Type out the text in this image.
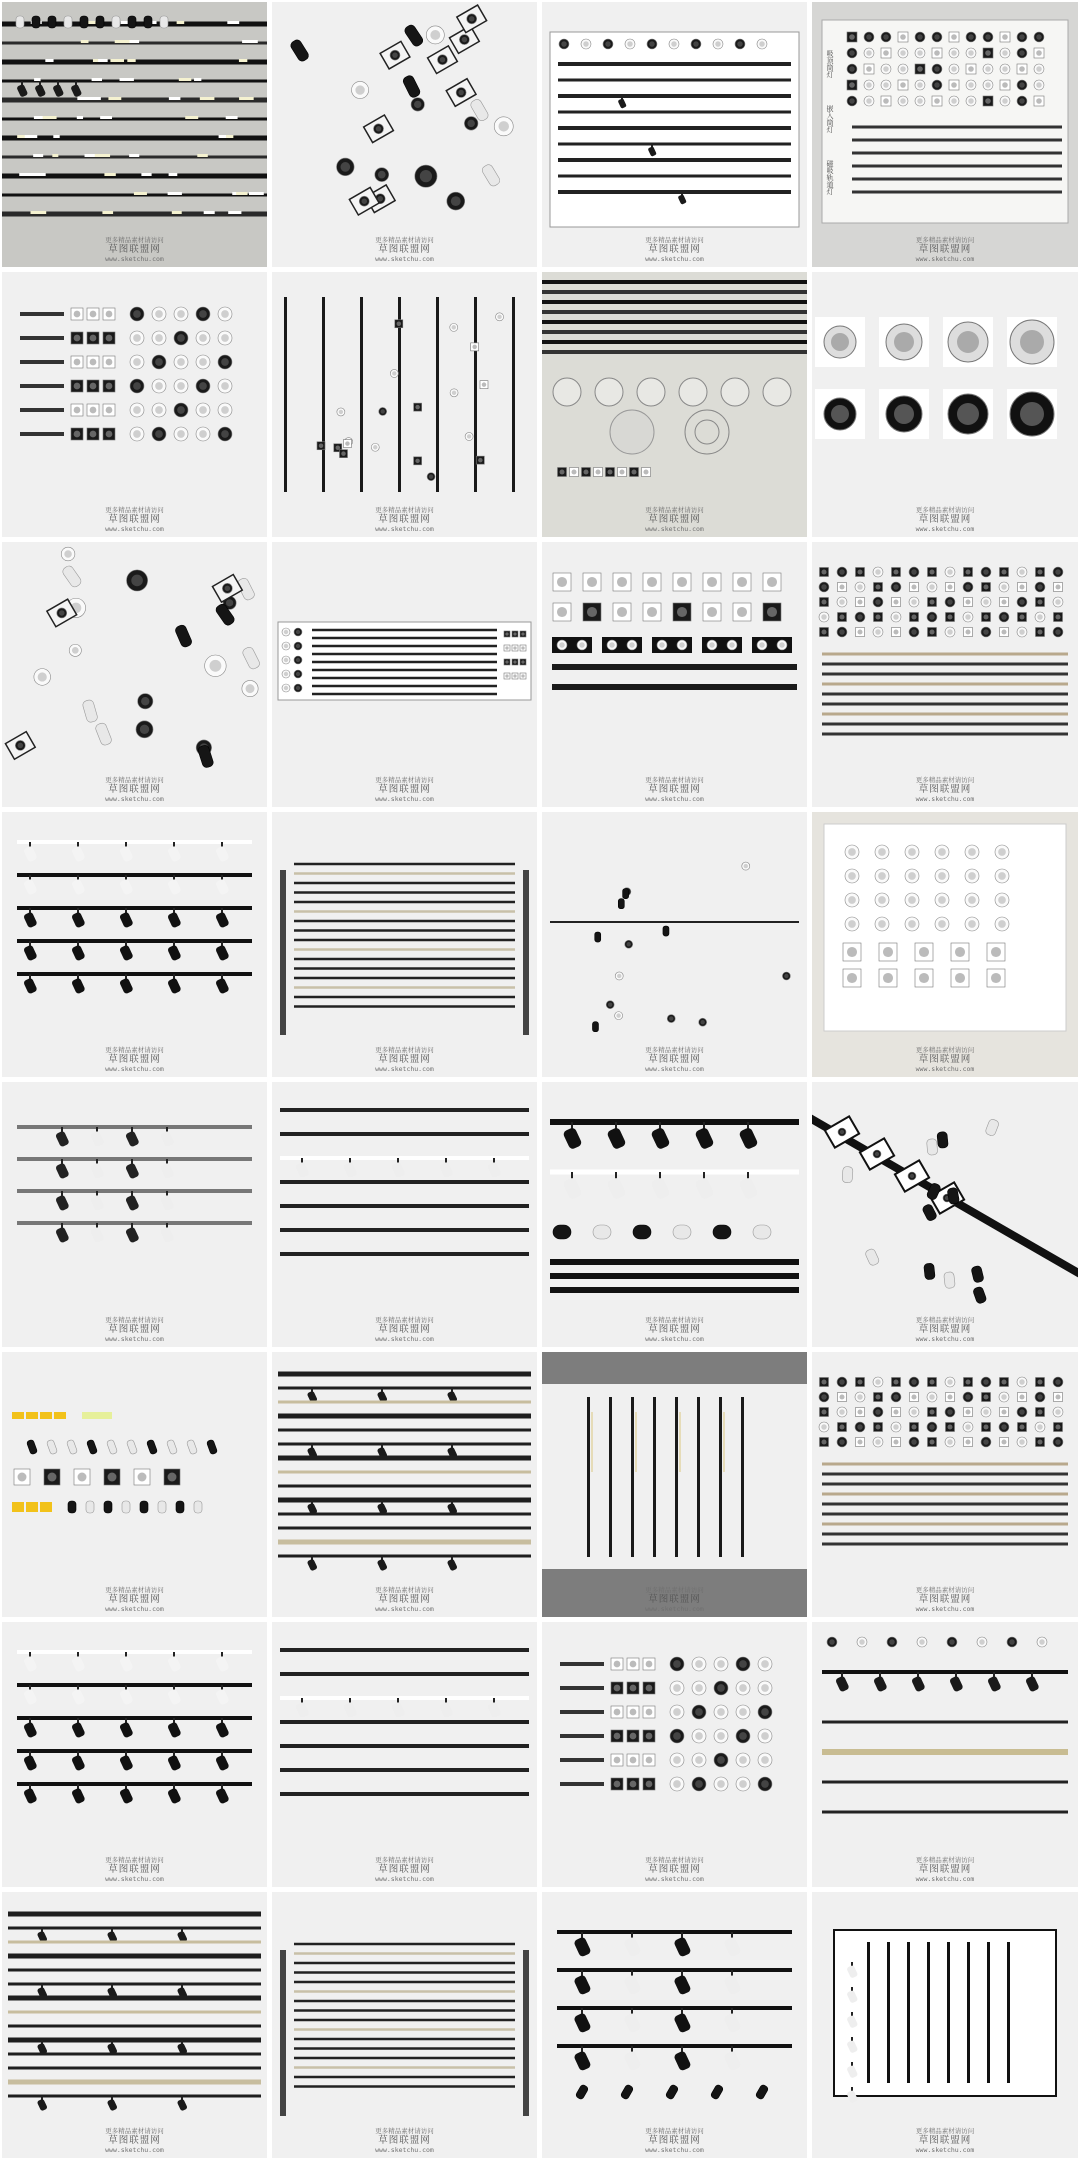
更多精品素材请访问
草图联盟网
www.sketchu.com
更多精品素材请访问
草图联盟网
www.sketchu.com
更多精品素材请访问
草图联盟网
www.sketchu.com
吸顶筒灯
嵌入筒灯
磁吸轨道灯
更多精品素材请访问
草图联盟网
www.sketchu.com
更多精品素材请访问
草图联盟网
www.sketchu.com
更多精品素材请访问
草图联盟网
www.sketchu.com
更多精品素材请访问
草图联盟网
www.sketchu.com
更多精品素材请访问
草图联盟网
www.sketchu.com
更多精品素材请访问
草图联盟网
www.sketchu.com
更多精品素材请访问
草图联盟网
www.sketchu.com
更多精品素材请访问
草图联盟网
www.sketchu.com
更多精品素材请访问
草图联盟网
www.sketchu.com
更多精品素材请访问
草图联盟网
www.sketchu.com
更多精品素材请访问
草图联盟网
www.sketchu.com
更多精品素材请访问
草图联盟网
www.sketchu.com
更多精品素材请访问
草图联盟网
www.sketchu.com
更多精品素材请访问
草图联盟网
www.sketchu.com
更多精品素材请访问
草图联盟网
www.sketchu.com
更多精品素材请访问
草图联盟网
www.sketchu.com
更多精品素材请访问
草图联盟网
www.sketchu.com
更多精品素材请访问
草图联盟网
www.sketchu.com
更多精品素材请访问
草图联盟网
www.sketchu.com
更多精品素材请访问
草图联盟网
www.sketchu.com
更多精品素材请访问
草图联盟网
www.sketchu.com
更多精品素材请访问
草图联盟网
www.sketchu.com
更多精品素材请访问
草图联盟网
www.sketchu.com
更多精品素材请访问
草图联盟网
www.sketchu.com
更多精品素材请访问
草图联盟网
www.sketchu.com
更多精品素材请访问
草图联盟网
www.sketchu.com
更多精品素材请访问
草图联盟网
www.sketchu.com
更多精品素材请访问
草图联盟网
www.sketchu.com
更多精品素材请访问
草图联盟网
www.sketchu.com
